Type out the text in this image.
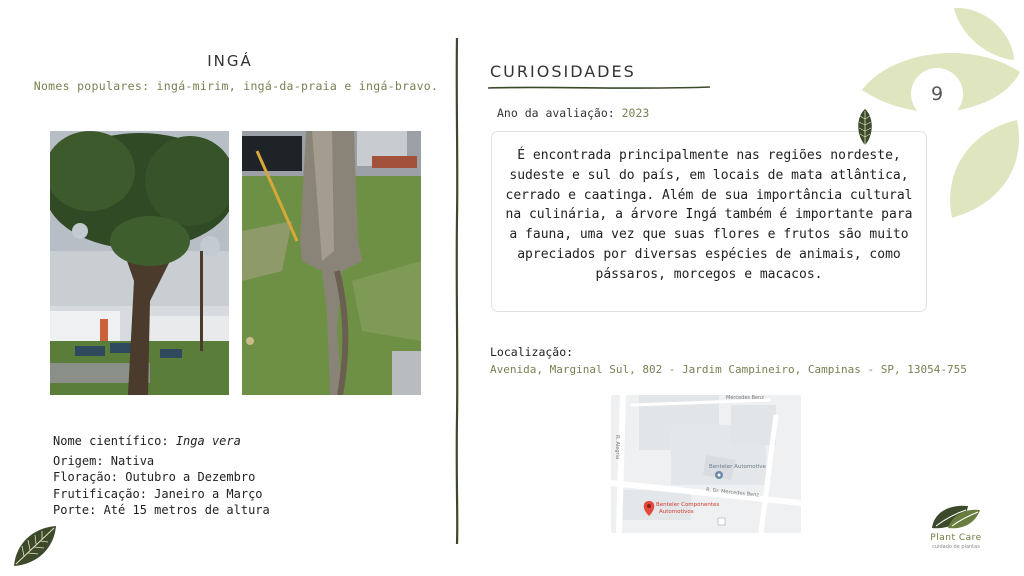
INGÁ
Nomes populares: ingá-mirim, ingá-da-praia e ingá-bravo.
Nome científico: Inga vera
Origem: Nativa
Floração: Outubro a Dezembro
Frutificação: Janeiro a Março
Porte: Até 15 metros de altura
CURIOSIDADES
Ano da avaliação: 2023
É encontrada principalmente nas regiões nordeste, sudeste e sul do país, em locais de mata atlântica, cerrado e caatinga. Além de sua importância cultural na culinária, a árvore Ingá também é importante para a fauna, uma vez que suas flores e frutos são muito apreciados por diversas espécies de animais, como pássaros, morcegos e macacos.
Localização:
Avenida, Marginal Sul, 802 - Jardim Campineiro, Campinas - SP, 13054-755
Mercedes Benz
R. Dr. Mercedes Benz
R. Alegria
Benteler Automotive
Benteler Componentes
Automotivos
9
Plant Care
cuidado de plantas
